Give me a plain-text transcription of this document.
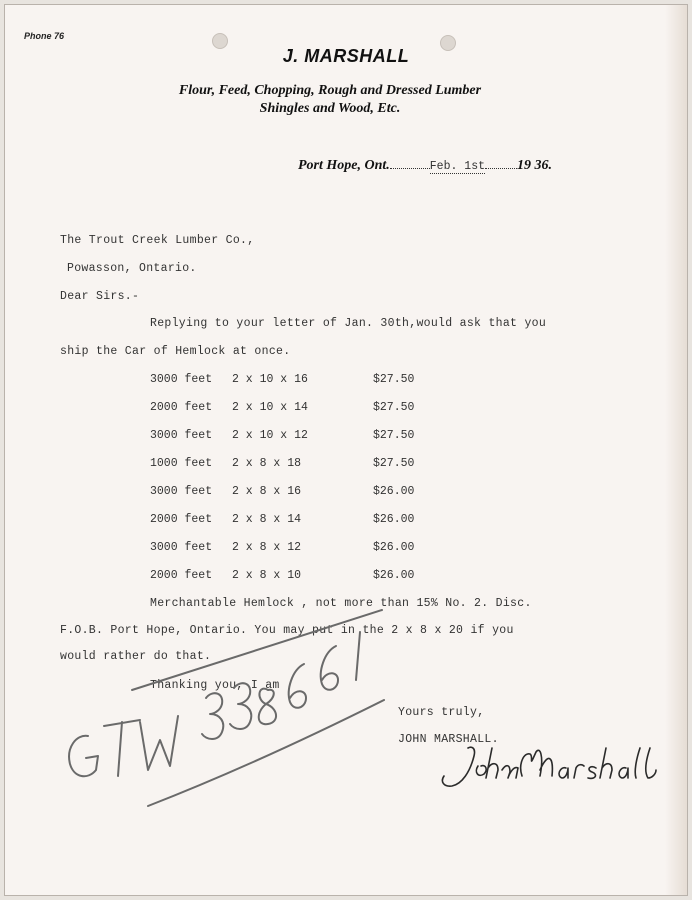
Phone 76
J. MARSHALL
Flour, Feed, Chopping, Rough and Dressed Lumber
Shingles and Wood, Etc.
Port Hope, Ont.	Feb. 1st 19 36.
The Trout Creek Lumber Co.,
Powasson, Ontario.
Dear Sirs.-
Replying to your letter of Jan. 30th,would ask that you
ship the Car of Hemlock at once.
3000 feet 2 x 10 x 16	$27.50
2000 feet 2 x 10 x 14	$27.50
3000 feet 2 x 10 x 12	$27.50
1000 feet 2 x 8 x 18	$27.50
3000 feet 2 x 8 x 16	$26.00
2000 feet 2 x 8 x 14	$26.00
3000 feet 2 x 8 x 12	$26.00
2000 feet 2 x 8 x 10	$26.00
Merchantable Hemlock , not more than 15% No. 2. Disc.
F.O.B. Port Hope, Ontario. You may put in the 2 x 8 x 20 if you
would rather do that.
Thanking you, I am
Yours truly,
JOHN MARSHALL.
